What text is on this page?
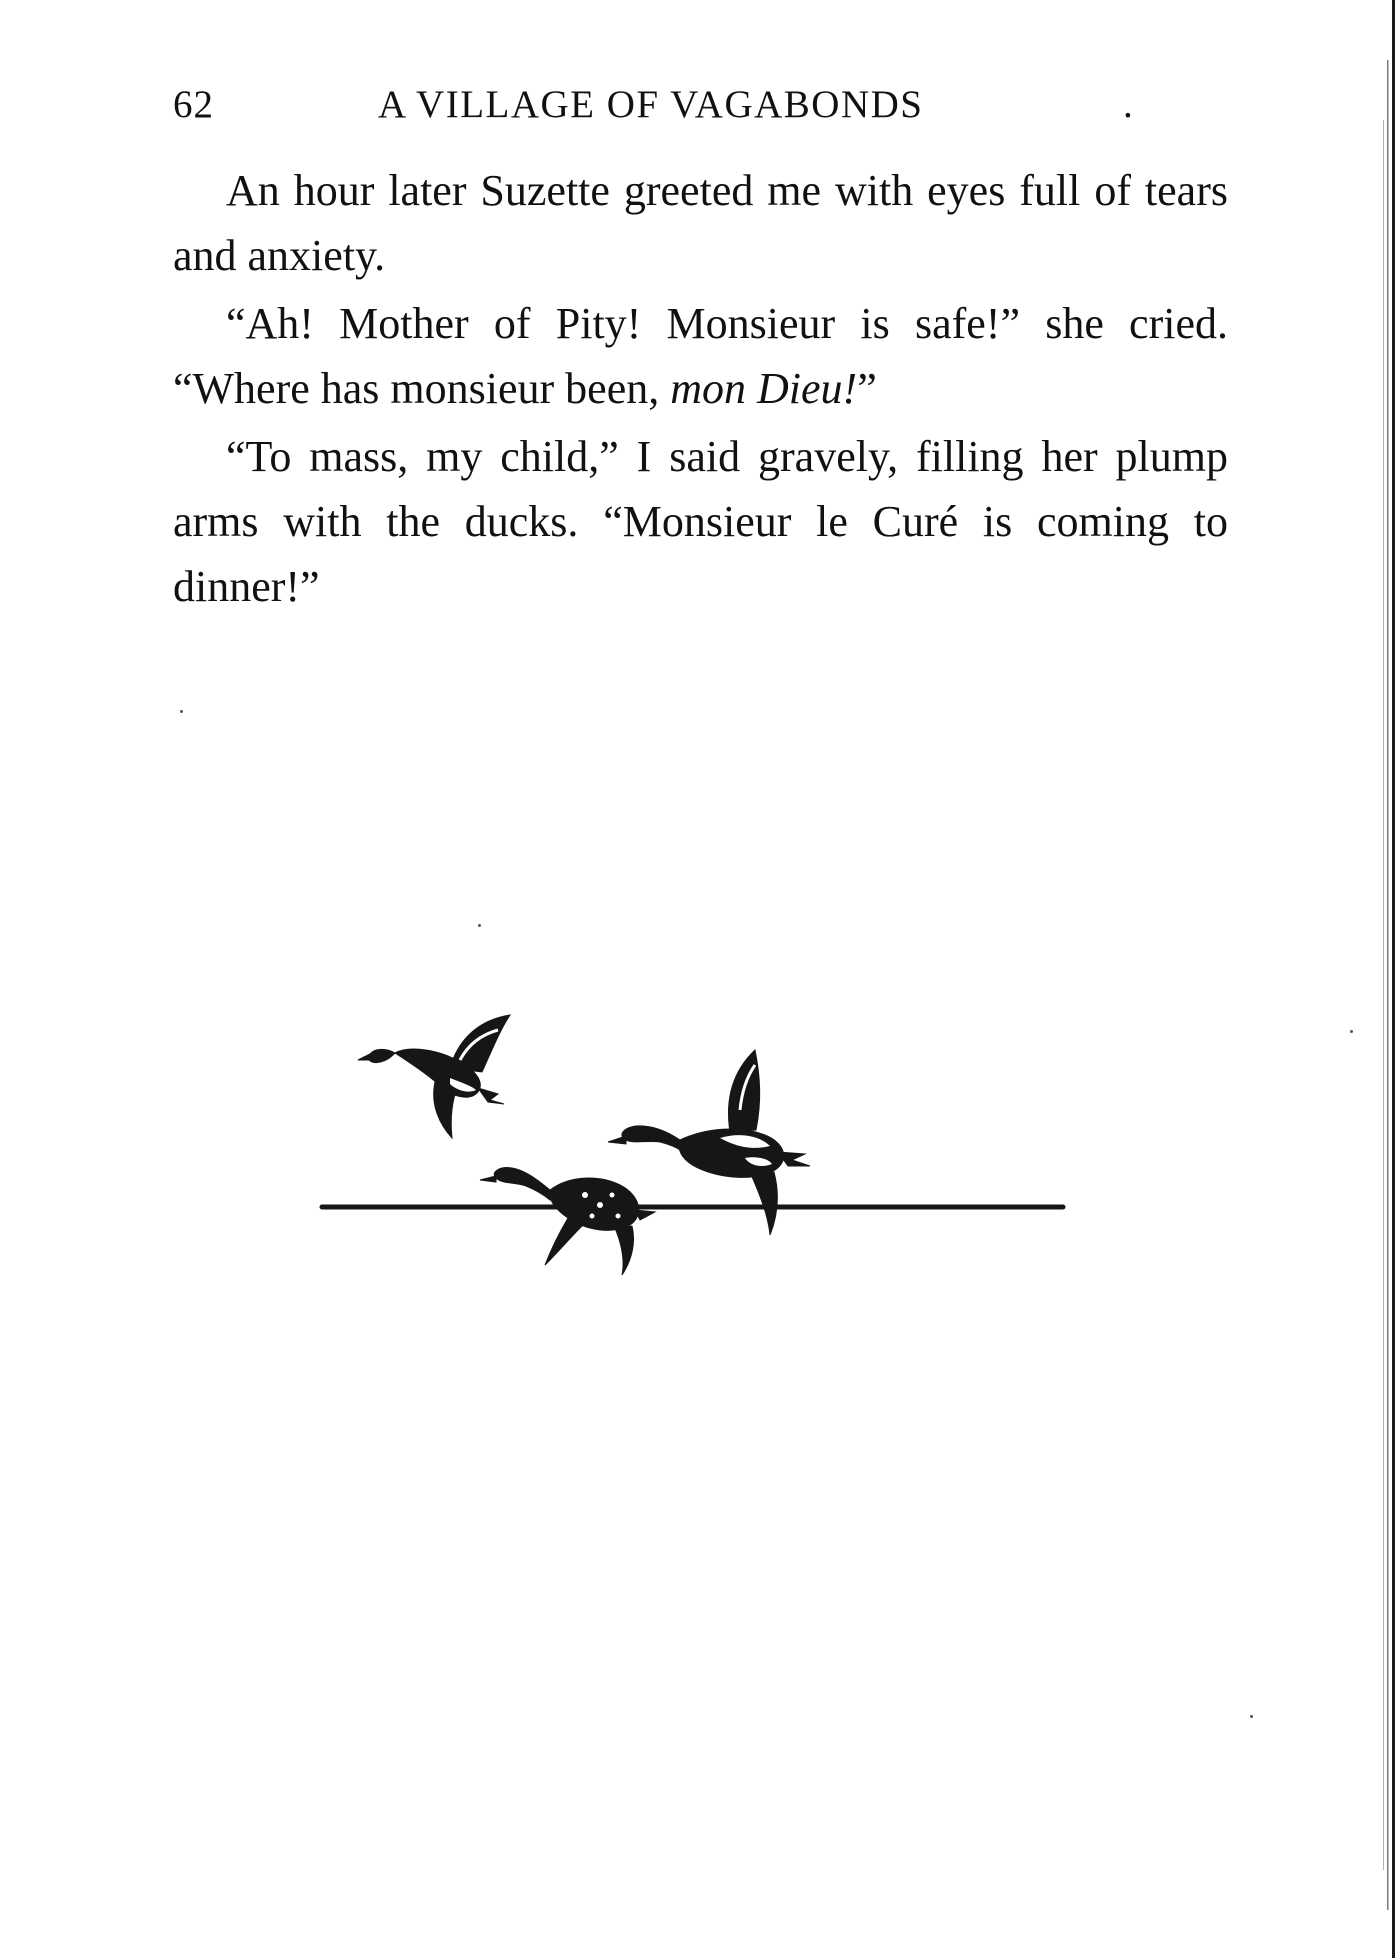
62	A VILLAGE OF VAGABONDS	.

An hour later Suzette greeted me with eyes full of tears and anxiety.

“Ah! Mother of Pity! Monsieur is safe!” she cried. “Where has monsieur been, mon Dieu!”

“To mass, my child,” I said gravely, filling her plump arms with the ducks. “Monsieur le Curé is coming to dinner!”
